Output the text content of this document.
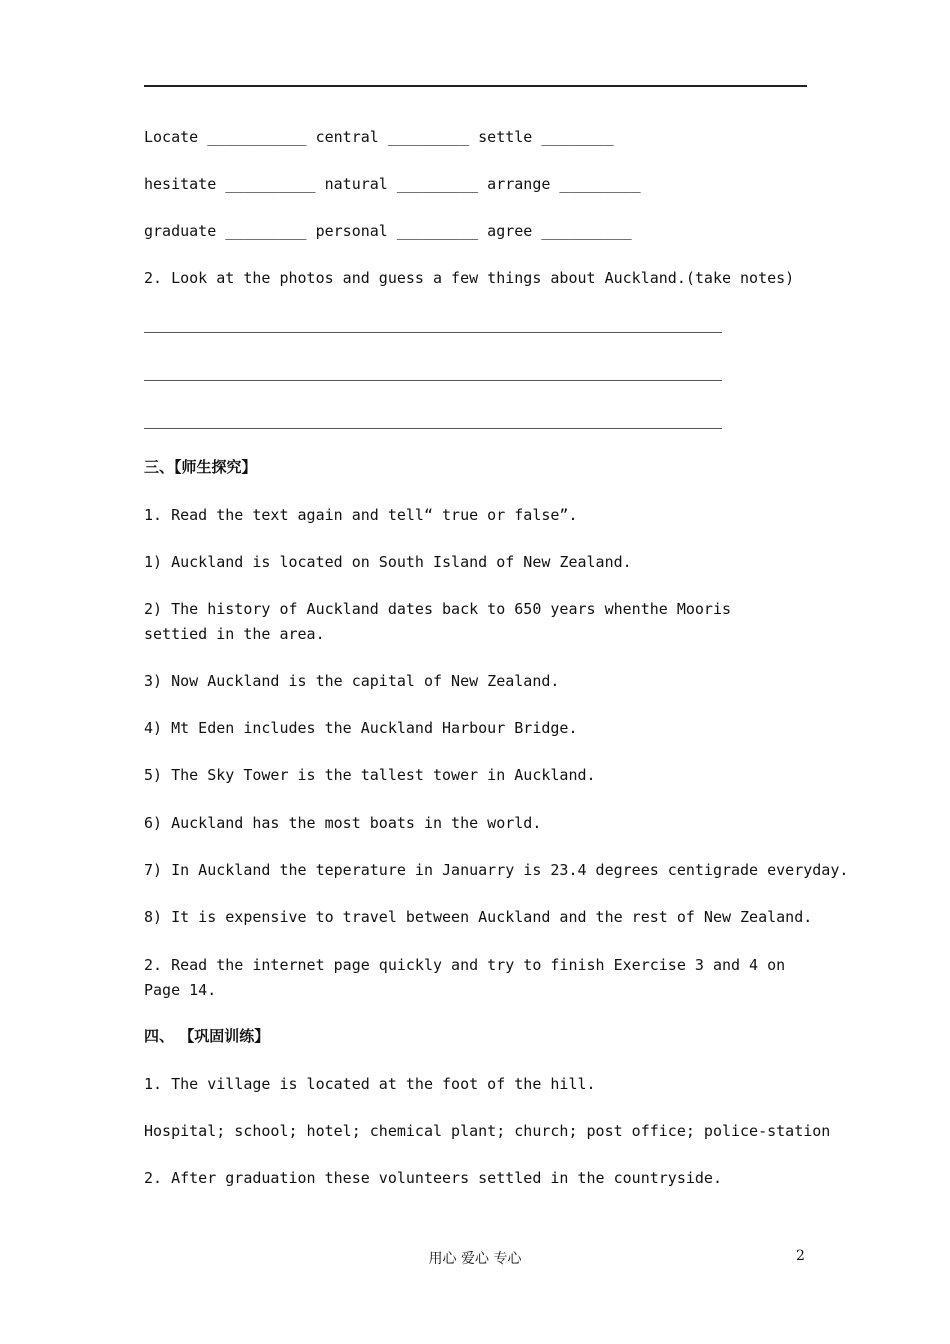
Locate ___________ central _________ settle ________
hesitate __________ natural _________ arrange _________
graduate _________ personal _________ agree __________
2. Look at the photos and guess a few things about Auckland.(take notes)
三、【师生探究】
1. Read the text again and tell“ true or false”.
1) Auckland is located on South Island of New Zealand.
2) The history of Auckland dates back to 650 years whenthe Mooris settied in the area.
3) Now Auckland is the capital of New Zealand.
4) Mt Eden includes the Auckland Harbour Bridge.
5) The Sky Tower is the tallest tower in Auckland.
6) Auckland has the most boats in the world.
7) In Auckland the teperature in Januarry is 23.4 degrees centigrade everyday.
8) It is expensive to travel between Auckland and the rest of New Zealand.
2. Read the internet page quickly and try to finish Exercise 3 and 4 on Page 14.
四、 【巩固训练】
1. The village is located at the foot of the hill.
Hospital; school; hotel; chemical plant; church; post office; police-station
2. After graduation these volunteers settled in the countryside.
用心 爱心 专心	2
